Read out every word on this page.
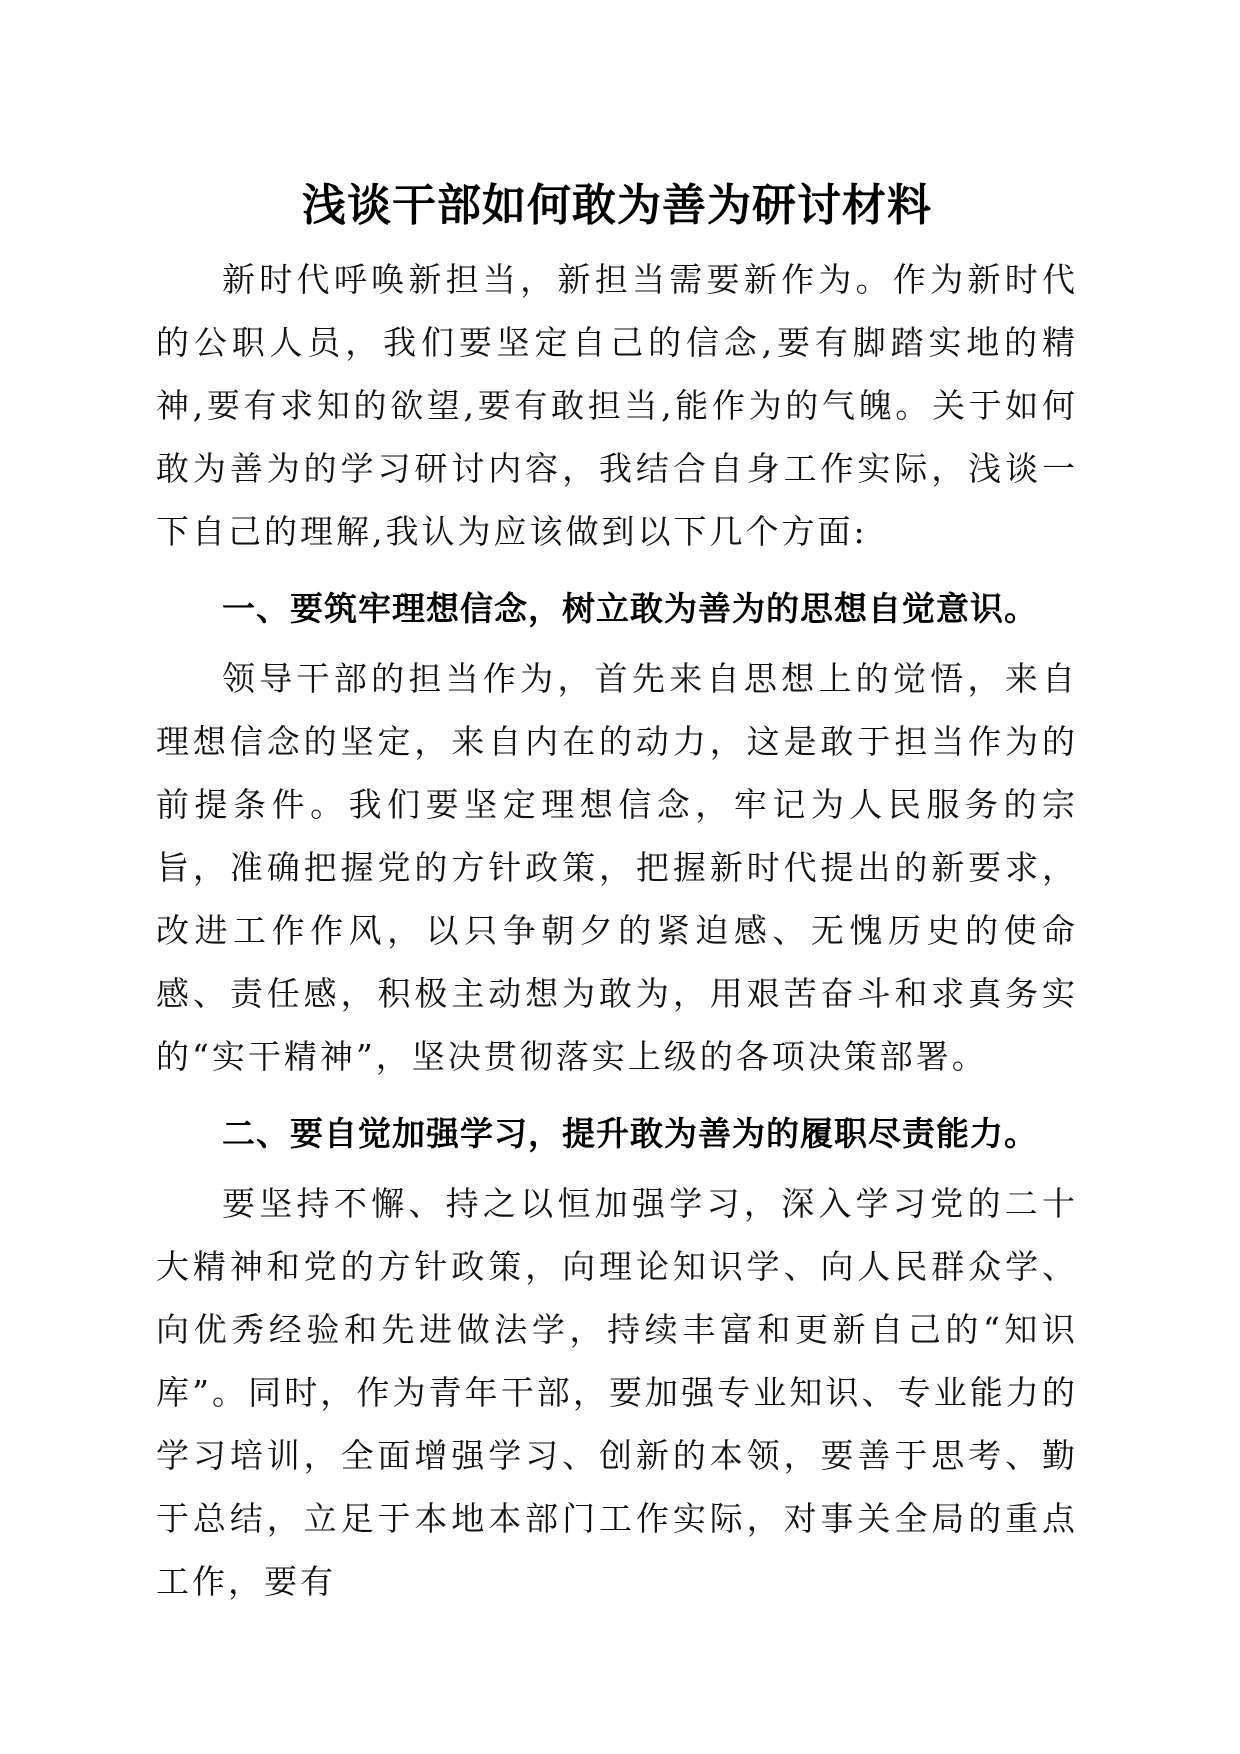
浅谈干部如何敢为善为研讨材料

新时代呼唤新担当，新担当需要新作为。作为新时代的公职人员，我们要坚定自己的信念,要有脚踏实地的精神,要有求知的欲望,要有敢担当,能作为的气魄。关于如何敢为善为的学习研讨内容，我结合自身工作实际，浅谈一下自己的理解,我认为应该做到以下几个方面:

一、要筑牢理想信念，树立敢为善为的思想自觉意识。

领导干部的担当作为，首先来自思想上的觉悟，来自理想信念的坚定，来自内在的动力，这是敢于担当作为的前提条件。我们要坚定理想信念，牢记为人民服务的宗旨，准确把握党的方针政策，把握新时代提出的新要求，改进工作作风，以只争朝夕的紧迫感、无愧历史的使命感、责任感，积极主动想为敢为，用艰苦奋斗和求真务实的“实干精神”，坚决贯彻落实上级的各项决策部署。

二、要自觉加强学习，提升敢为善为的履职尽责能力。

要坚持不懈、持之以恒加强学习，深入学习党的二十大精神和党的方针政策，向理论知识学、向人民群众学、向优秀经验和先进做法学，持续丰富和更新自己的“知识库”。同时，作为青年干部，要加强专业知识、专业能力的学习培训，全面增强学习、创新的本领，要善于思考、勤于总结，立足于本地本部门工作实际，对事关全局的重点工作，要有
